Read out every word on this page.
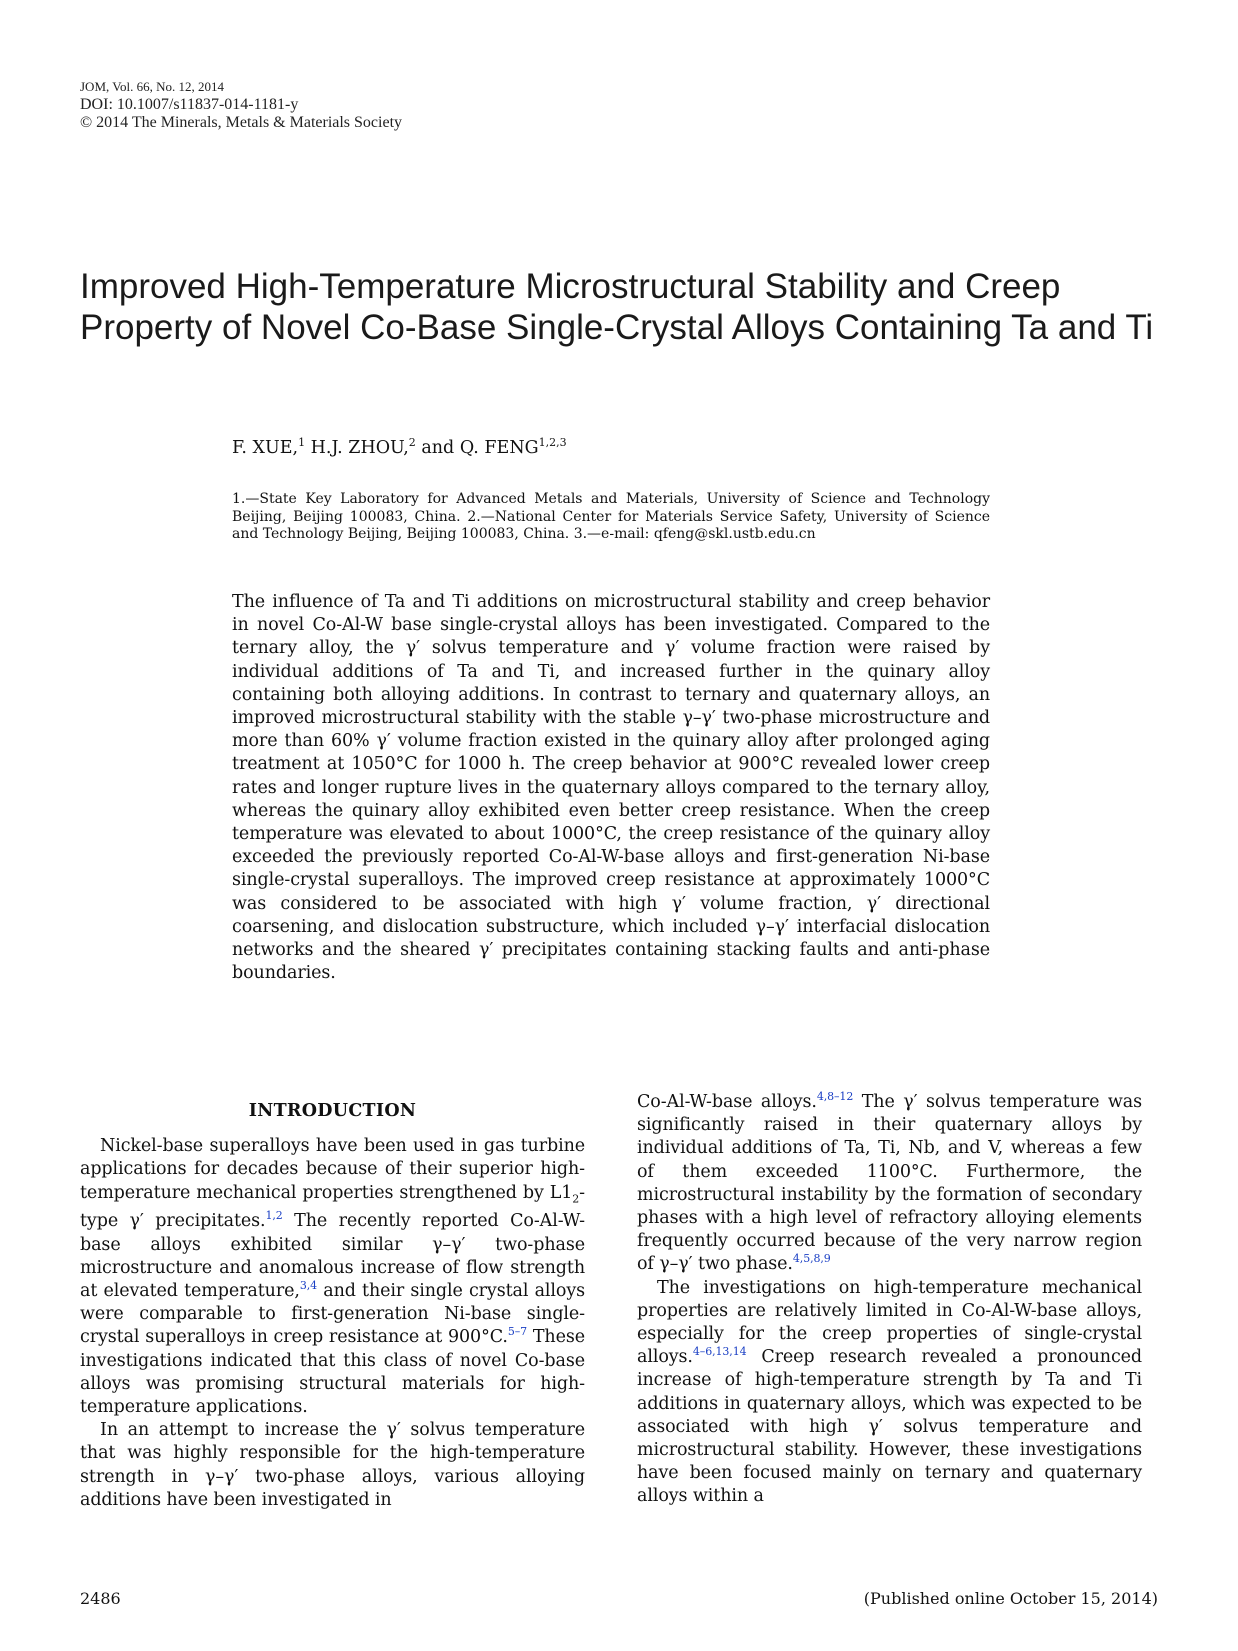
JOM, Vol. 66, No. 12, 2014
DOI: 10.1007/s11837-014-1181-y
© 2014 The Minerals, Metals & Materials Society
Improved High-Temperature Microstructural Stability and Creep Property of Novel Co-Base Single-Crystal Alloys Containing Ta and Ti
F. XUE,$^1$ H.J. ZHOU,$^2$ and Q. FENG$^{1,2,3}$
1.—State Key Laboratory for Advanced Metals and Materials, University of Science and Technology Beijing, Beijing 100083, China. 2.—National Center for Materials Service Safety, University of Science and Technology Beijing, Beijing 100083, China. 3.—e-mail: qfeng@skl.ustb.edu.cn
The influence of Ta and Ti additions on microstructural stability and creep behavior in novel Co-Al-W base single-crystal alloys has been investigated. Compared to the ternary alloy, the γ′ solvus temperature and γ′ volume fraction were raised by individual additions of Ta and Ti, and increased further in the quinary alloy containing both alloying additions. In contrast to ternary and quaternary alloys, an improved microstructural stability with the stable γ–γ′ two-phase microstructure and more than 60% γ′ volume fraction existed in the quinary alloy after prolonged aging treatment at 1050°C for 1000 h. The creep behavior at 900°C revealed lower creep rates and longer rupture lives in the quaternary alloys compared to the ternary alloy, whereas the quinary alloy exhibited even better creep resistance. When the creep temperature was elevated to about 1000°C, the creep resistance of the quinary alloy exceeded the previously reported Co-Al-W-base alloys and first-generation Ni-base single-crystal superalloys. The improved creep resistance at approximately 1000°C was considered to be associated with high γ′ volume fraction, γ′ directional coarsening, and dislocation substructure, which included γ–γ′ interfacial dislocation networks and the sheared γ′ precipitates containing stacking faults and anti-phase boundaries.
INTRODUCTION

Nickel-base superalloys have been used in gas turbine applications for decades because of their superior high-temperature mechanical properties strengthened by $L1_2$-type γ′ precipitates.$^{1,2}$ The recently reported Co-Al-W-base alloys exhibited similar γ–γ′ two-phase microstructure and anomalous increase of flow strength at elevated temperature,$^{3,4}$ and their single crystal alloys were comparable to first-generation Ni-base single-crystal superalloys in creep resistance at 900°C.$^{5-7}$ These investigations indicated that this class of novel Co-base alloys was promising structural materials for high-temperature applications.

In an attempt to increase the γ′ solvus temperature that was highly responsible for the high-temperature strength in γ–γ′ two-phase alloys, various alloying additions have been investigated in

Co-Al-W-base alloys.$^{4,8-12}$ The γ′ solvus temperature was significantly raised in their quaternary alloys by individual additions of Ta, Ti, Nb, and V, whereas a few of them exceeded 1100°C. Furthermore, the microstructural instability by the formation of secondary phases with a high level of refractory alloying elements frequently occurred because of the very narrow region of γ–γ′ two phase.$^{4,5,8,9}$

The investigations on high-temperature mechanical properties are relatively limited in Co-Al-W-base alloys, especially for the creep properties of single-crystal alloys.$^{4-6,13,14}$ Creep research revealed a pronounced increase of high-temperature strength by Ta and Ti additions in quaternary alloys, which was expected to be associated with high γ′ solvus temperature and microstructural stability. However, these investigations have been focused mainly on ternary and quaternary alloys within a

2486	(Published online October 15, 2014)
